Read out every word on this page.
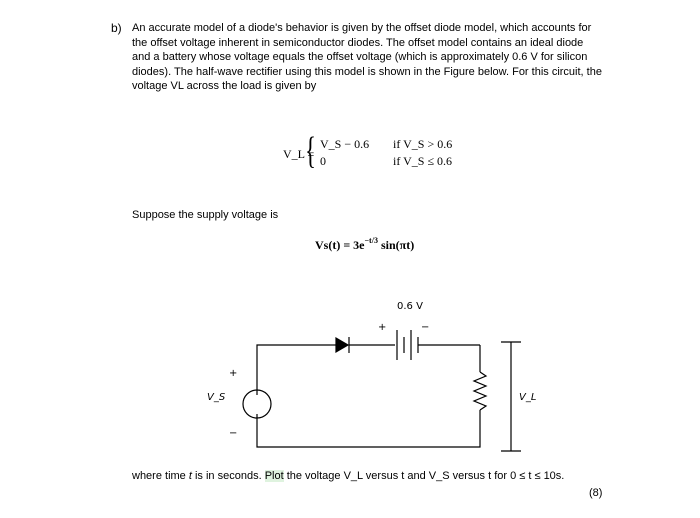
b) An accurate model of a diode's behavior is given by the offset diode model, which accounts for the offset voltage inherent in semiconductor diodes. The offset model contains an ideal diode and a battery whose voltage equals the offset voltage (which is approximately 0.6 V for silicon diodes). The half-wave rectifier using this model is shown in the Figure below. For this circuit, the voltage VL across the load is given by
V_L =
{ V_S − 0.6 if V_S > 0.6
0	if V_S ≤ 0.6
Suppose the supply voltage is
$Vs(t) = 3e^{-t/3}$ sin(πt)
0.6 V
+	−
+
−
V_S	V_L
where time t is in seconds. Plot the voltage V_L versus t and V_S versus t for 0 ≤ t ≤ 10s.
(8)
